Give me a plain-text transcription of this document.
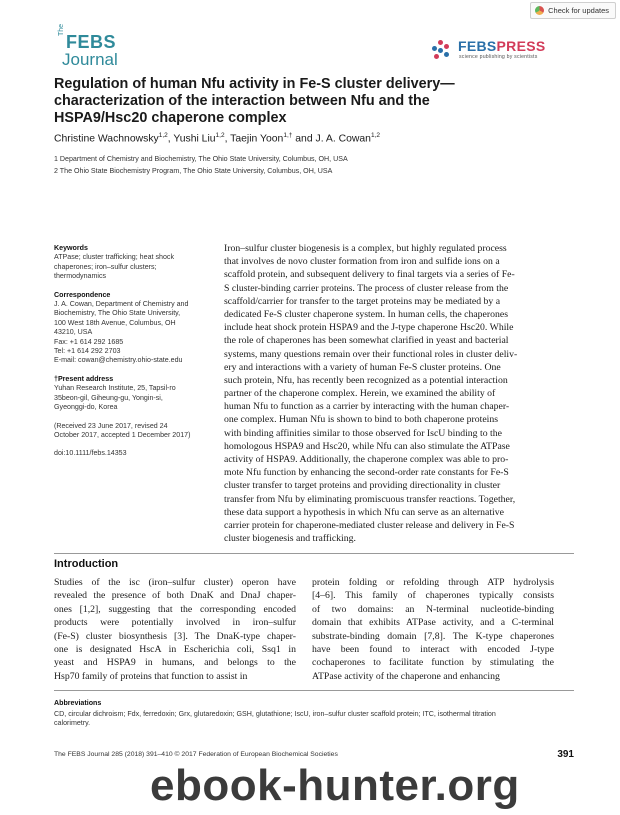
Check for updates
The
FEBS
Journal
FEBSPRESS
science publishing by scientists
Regulation of human Nfu activity in Fe-S cluster delivery—
characterization of the interaction between Nfu and the
HSPA9/Hsc20 chaperone complex
Christine Wachnowsky$^{1,2}$, Yushi Liu$^{1,2}$, Taejin Yoon$^{1,\dagger}$ and J. A. Cowan$^{1,2}$
1 Department of Chemistry and Biochemistry, The Ohio State University, Columbus, OH, USA
2 The Ohio State Biochemistry Program, The Ohio State University, Columbus, OH, USA
Keywords
ATPase; cluster trafficking; heat shock
chaperones; iron–sulfur clusters;
thermodynamics
Correspondence
J. A. Cowan, Department of Chemistry and
Biochemistry, The Ohio State University,
100 West 18th Avenue, Columbus, OH
43210, USA
Fax: +1 614 292 1685
Tel: +1 614 292 2703
E-mail: cowan@chemistry.ohio-state.edu
†Present address
Yuhan Research Institute, 25, Tapsil-ro
35beon-gil, Giheung-gu, Yongin-si,
Gyeonggi-do, Korea
(Received 23 June 2017, revised 24
October 2017, accepted 1 December 2017)
doi:10.1111/febs.14353
Iron–sulfur cluster biogenesis is a complex, but highly regulated process
that involves de novo cluster formation from iron and sulfide ions on a
scaffold protein, and subsequent delivery to final targets via a series of Fe-
S cluster-binding carrier proteins. The process of cluster release from the
scaffold/carrier for transfer to the target proteins may be mediated by a
dedicated Fe-S cluster chaperone system. In human cells, the chaperones
include heat shock protein HSPA9 and the J-type chaperone Hsc20. While
the role of chaperones has been somewhat clarified in yeast and bacterial
systems, many questions remain over their functional roles in cluster deliv-
ery and interactions with a variety of human Fe-S cluster proteins. One
such protein, Nfu, has recently been recognized as a potential interaction
partner of the chaperone complex. Herein, we examined the ability of
human Nfu to function as a carrier by interacting with the human chaper-
one complex. Human Nfu is shown to bind to both chaperone proteins
with binding affinities similar to those observed for IscU binding to the
homologous HSPA9 and Hsc20, while Nfu can also stimulate the ATPase
activity of HSPA9. Additionally, the chaperone complex was able to pro-
mote Nfu function by enhancing the second-order rate constants for Fe-S
cluster transfer to target proteins and providing directionality in cluster
transfer from Nfu by eliminating promiscuous transfer reactions. Together,
these data support a hypothesis in which Nfu can serve as an alternative
carrier protein for chaperone-mediated cluster release and delivery in Fe-S
cluster biogenesis and trafficking.
Introduction
Studies of the isc (iron–sulfur cluster) operon have
revealed the presence of both DnaK and DnaJ chaper-
ones [1,2], suggesting that the corresponding encoded
products were potentially involved in iron–sulfur
(Fe-S) cluster biosynthesis [3]. The DnaK-type chaper-
one is designated HscA in Escherichia coli, Ssq1 in
yeast and HSPA9 in humans, and belongs to the
Hsp70 family of proteins that function to assist in
protein folding or refolding through ATP hydrolysis
[4–6]. This family of chaperones typically consists
of two domains: an N-terminal nucleotide-binding
domain that exhibits ATPase activity, and a C-terminal
substrate-binding domain [7,8]. The K-type chaperones
have been found to interact with encoded J-type
cochaperones to facilitate function by stimulating the
ATPase activity of the chaperone and enhancing
Abbreviations
CD, circular dichroism; Fdx, ferredoxin; Grx, glutaredoxin; GSH, glutathione; IscU, iron–sulfur cluster scaffold protein; ITC, isothermal titration
calorimetry.
The FEBS Journal 285 (2018) 391–410 © 2017 Federation of European Biochemical Societies	391
ebook-hunter.org
